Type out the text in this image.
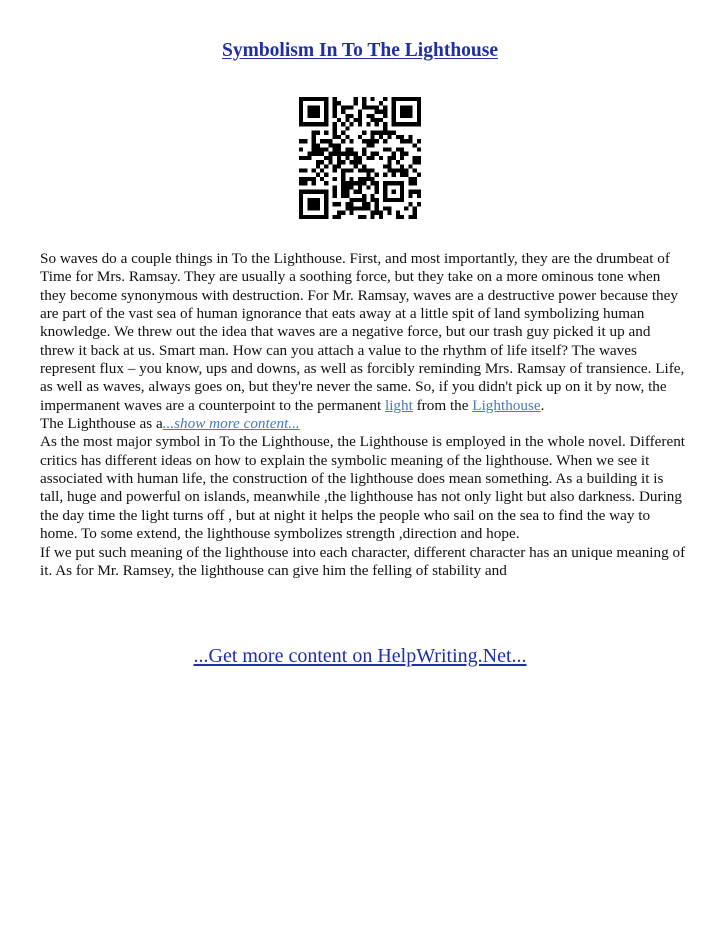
Symbolism In To The Lighthouse

So waves do a couple things in To the Lighthouse. First, and most importantly, they are the drumbeat of Time for Mrs. Ramsay. They are usually a soothing force, but they take on a more ominous tone when they become synonymous with destruction. For Mr. Ramsay, waves are a destructive power because they are part of the vast sea of human ignorance that eats away at a little spit of land symbolizing human knowledge. We threw out the idea that waves are a negative force, but our trash guy picked it up and threw it back at us. Smart man. How can you attach a value to the rhythm of life itself? The waves represent flux – you know, ups and downs, as well as forcibly reminding Mrs. Ramsay of transience. Life, as well as waves, always goes on, but they're never the same. So, if you didn't pick up on it by now, the impermanent waves are a counterpoint to the permanent light from the Lighthouse.

The Lighthouse as a...show more content...

As the most major symbol in To the Lighthouse, the Lighthouse is employed in the whole novel. Different critics has different ideas on how to explain the symbolic meaning of the lighthouse. When we see it associated with human life, the construction of the lighthouse does mean something. As a building it is tall, huge and powerful on islands, meanwhile ,the lighthouse has not only light but also darkness. During the day time the light turns off , but at night it helps the people who sail on the sea to find the way to home. To some extend, the lighthouse symbolizes strength ,direction and hope.

If we put such meaning of the lighthouse into each character, different character has an unique meaning of it. As for Mr. Ramsey, the lighthouse can give him the felling of stability and

...Get more content on HelpWriting.Net...
